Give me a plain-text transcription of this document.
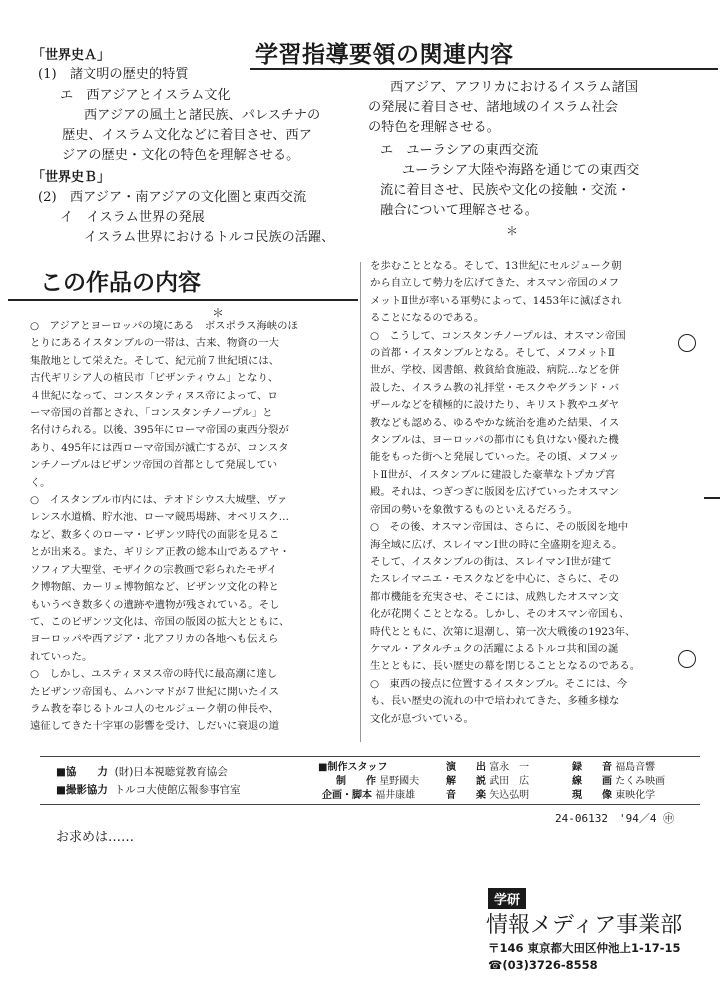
学習指導要領の関連内容
「世界史Ａ」
(1)　諸文明の歴史的特質
エ　西アジアとイスラム文化
西アジアの風土と諸民族、パレスチナの
歴史、イスラム文化などに着目させ、西ア
ジアの歴史・文化の特色を理解させる。
「世界史Ｂ」
(2)　西アジア・南アジアの文化圏と東西交流
イ　イスラム世界の発展
イスラム世界におけるトルコ民族の活躍、
西アジア、アフリカにおけるイスラム諸国
の発展に着目させ、諸地域のイスラム社会
の特色を理解させる。
エ　ユーラシアの東西交流
ユーラシア大陸や海路を通じての東西交
流に着目させ、民族や文化の接触・交流・
融合について理解させる。
＊
この作品の内容
＊
○　アジアとヨーロッパの境にある　ボスポラス海峡のほ
とりにあるイスタンブルの一帯は、古来、物資の一大
集散地として栄えた。そして、紀元前７世紀頃には、
古代ギリシア人の植民市「ビザンティウム」となり、
４世紀になって、コンスタンティヌス帝によって、ロ
ーマ帝国の首都とされ、「コンスタンチノープル」と
名付けられる。以後、395年にローマ帝国の東西分裂が
あり、495年には西ローマ帝国が滅亡するが、コンスタ
ンチノープルはビザンツ帝国の首都として発展してい
く。
○　イスタンブル市内には、テオドシウス大城壁、ヴァ
レンス水道橋、貯水池、ローマ競馬場跡、オベリスク…
など、数多くのローマ・ビザンツ時代の面影を見るこ
とが出来る。また、ギリシア正教の総本山であるアヤ・
ソフィア大聖堂、モザイクの宗教画で彩られたモザイ
ク博物館、カーリェ博物館など、ビザンツ文化の粋と
もいうべき数多くの遺跡や遺物が残されている。そし
て、このビザンツ文化は、帝国の版図の拡大とともに、
ヨーロッパや西アジア・北アフリカの各地へも伝えら
れていった。
○　しかし、ユスティヌヌス帝の時代に最高潮に達し
たビザンツ帝国も、ムハンマドが７世紀に開いたイス
ラム教を奉じるトルコ人のセルジューク朝の伸長や、
遠征してきた十字軍の影響を受け、しだいに衰退の道
を歩むこととなる。そして、13世紀にセルジューク朝
から自立して勢力を広げてきた、オスマン帝国のメフ
メットⅡ世が率いる軍勢によって、1453年に滅ぼされ
ることになるのである。
○　こうして、コンスタンチノープルは、オスマン帝国
の首都・イスタンブルとなる。そして、メフメットⅡ
世が、学校、図書館、救貧給食施設、病院…などを併
設した、イスラム教の礼拝堂・モスクやグランド・バ
ザールなどを積極的に設けたり、キリスト教やユダヤ
教なども認める、ゆるやかな統治を進めた結果、イス
タンブルは、ヨーロッパの都市にも負けない優れた機
能をもった街へと発展していった。その頃、メフメッ
トⅡ世が、イスタンブルに建設した豪華なトプカプ宮
殿。それは、つぎつぎに版図を広げていったオスマン
帝国の勢いを象徴するものといえるだろう。
○　その後、オスマン帝国は、さらに、その版図を地中
海全域に広げ、スレイマンⅠ世の時に全盛期を迎える。
そして、イスタンブルの街は、スレイマンⅠ世が建て
たスレイマニエ・モスクなどを中心に、さらに、その
都市機能を充実させ、そこには、成熟したオスマン文
化が花開くこととなる。しかし、そのオスマン帝国も、
時代とともに、次第に退潮し、第一次大戦後の1923年、
ケマル・アタルチュクの活躍によるトルコ共和国の誕
生とともに、長い歴史の幕を閉じることとなるのである。
○　東西の接点に位置するイスタンブル。そこには、今
も、長い歴史の流れの中で培われてきた、多種多様な
文化が息づいている。
■協　　力 (財)日本視聴覚教育協会
■撮影協力 トルコ大使館広報参事官室
■制作スタッフ
制　　作 星野國夫
企画・脚本 福井康雄
演　　出 富永　一
解　　説 武田　広
音　　楽 矢込弘明
録　　音 福島音響
線　　画 たくみ映画
現　　像 東映化学
24-06132　'94／4 ㊥
お求めは……
学研
情報メディア事業部
〒146 東京都大田区仲池上1-17-15
☎(03)3726-8558
